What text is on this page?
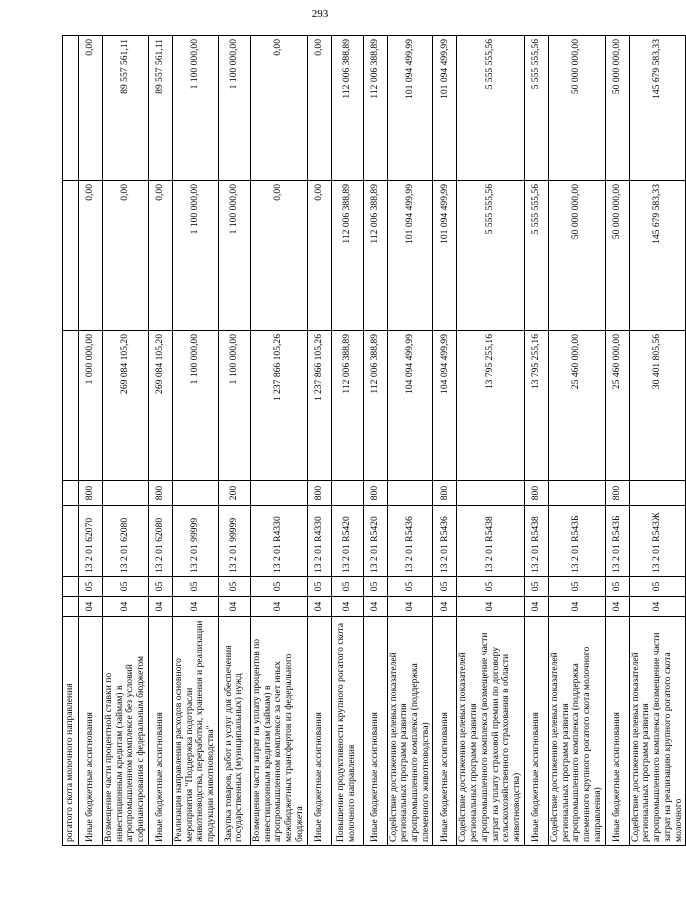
293
рогатого скота молочного направления							
Иные бюджетные ассигнования	04	05	13 2 01 62070	800	1 000 000,00	0,00	0,00
Возмещение части процентной ставки по инвестиционным кредитам (займам) в агропромышленном комплексе без условий софинансирования с федеральным бюджетом	04	05	13 2 01 62080		269 084 105,20	0,00	89 557 561,11
Иные бюджетные ассигнования	04	05	13 2 01 62080	800	269 084 105,20	0,00	89 557 561,11
Реализация направления расходов основного мероприятия "Поддержка подотрасли животноводства, переработки, хранения и реализации продукции животноводства"	04	05	13 2 01 99999		1 100 000,00	1 100 000,00	1 100 000,00
Закупка товаров, работ и услуг для обеспечения государственных (муниципальных) нужд	04	05	13 2 01 99999	200	1 100 000,00	1 100 000,00	1 100 000,00
Возмещение части затрат на уплату процентов по инвестиционным кредитам (займам) в агропромышленном комплексе за счет иных межбюджетных трансфертов из федерального бюджета	04	05	13 2 01 R4330		1 237 866 105,26	0,00	0,00
Иные бюджетные ассигнования	04	05	13 2 01 R4330	800	1 237 866 105,26	0,00	0,00
Повышение продуктивности крупного рогатого скота молочного направления	04	05	13 2 01 R5420		112 006 388,89	112 006 388,89	112 006 388,89
Иные бюджетные ассигнования	04	05	13 2 01 R5420	800	112 006 388,89	112 006 388,89	112 006 388,89
Содействие достижению целевых показателей региональных программ развития агропромышленного комплекса (поддержка племенного животноводства)	04	05	13 2 01 R5436		104 094 499,99	101 094 499,99	101 094 499,99
Иные бюджетные ассигнования	04	05	13 2 01 R5436	800	104 094 499,99	101 094 499,99	101 094 499,99
Содействие достижению целевых показателей региональных программ развития агропромышленного комплекса (возмещение части затрат на уплату страховой премии по договору сельскохозяйственного страхования в области животноводства)	04	05	13 2 01 R5438		13 795 255,16	5 555 555,56	5 555 555,56
Иные бюджетные ассигнования	04	05	13 2 01 R5438	800	13 795 255,16	5 555 555,56	5 555 555,56
Содействие достижению целевых показателей региональных программ развития агропромышленного комплекса (поддержка племенного крупного рогатого скота молочного направления)	04	05	13 2 01 R543Б		25 460 000,00	50 000 000,00	50 000 000,00
Иные бюджетные ассигнования	04	05	13 2 01 R543Б	800	25 460 000,00	50 000 000,00	50 000 000,00
Содействие достижению целевых показателей региональных программ развития агропромышленного комплекса (возмещение части затрат на реализацию крупного рогатого скота молочного	04	05	13 2 01 R543Ж		30 401 805,56	145 679 583,33	145 679 583,33
